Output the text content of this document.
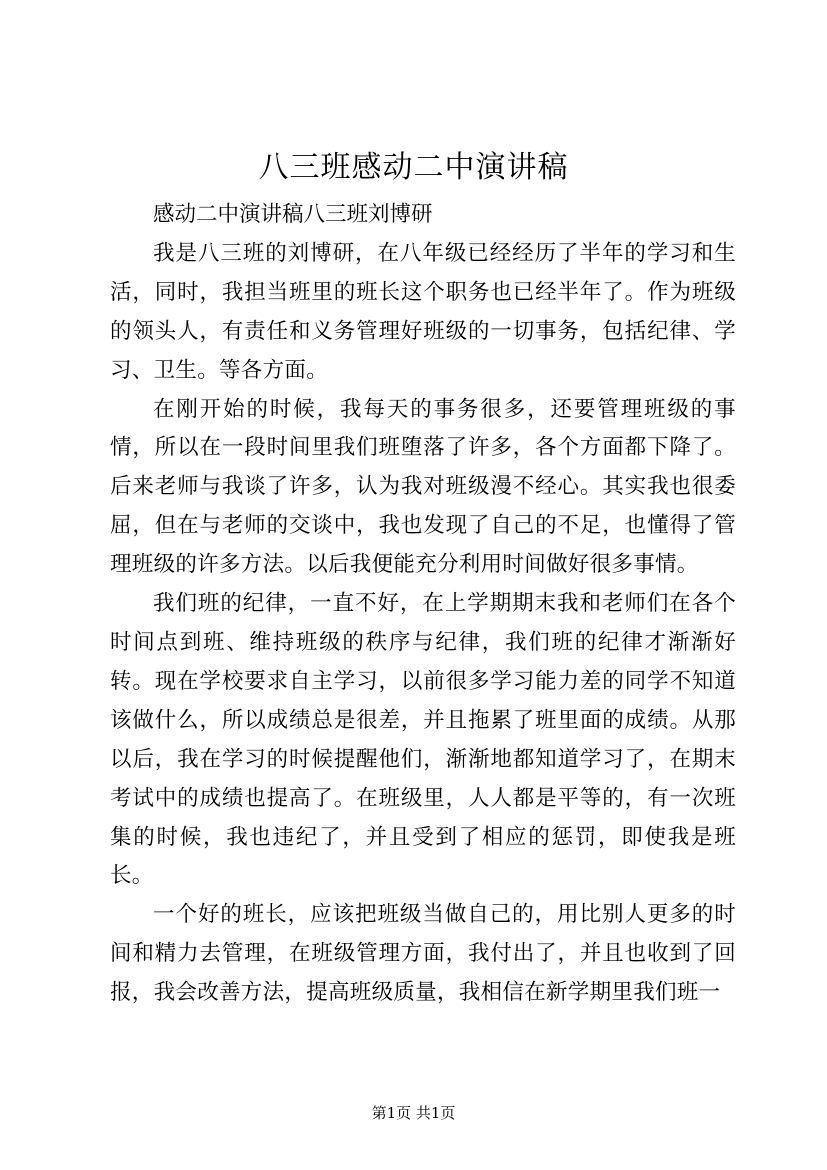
八三班感动二中演讲稿

感动二中演讲稿八三班刘博研

我是八三班的刘博研，在八年级已经经历了半年的学习和生活，同时，我担当班里的班长这个职务也已经半年了。作为班级的领头人，有责任和义务管理好班级的一切事务，包括纪律、学习、卫生。等各方面。

在刚开始的时候，我每天的事务很多，还要管理班级的事情，所以在一段时间里我们班堕落了许多，各个方面都下降了。后来老师与我谈了许多，认为我对班级漫不经心。其实我也很委屈，但在与老师的交谈中，我也发现了自己的不足，也懂得了管理班级的许多方法。以后我便能充分利用时间做好很多事情。

我们班的纪律，一直不好，在上学期期末我和老师们在各个时间点到班、维持班级的秩序与纪律，我们班的纪律才渐渐好转。现在学校要求自主学习，以前很多学习能力差的同学不知道该做什么，所以成绩总是很差，并且拖累了班里面的成绩。从那以后，我在学习的时候提醒他们，渐渐地都知道学习了，在期末考试中的成绩也提高了。在班级里，人人都是平等的，有一次班集的时候，我也违纪了，并且受到了相应的惩罚，即使我是班长。

一个好的班长，应该把班级当做自己的，用比别人更多的时间和精力去管理，在班级管理方面，我付出了，并且也收到了回报，我会改善方法，提高班级质量，我相信在新学期里我们班一

第1页 共1页
